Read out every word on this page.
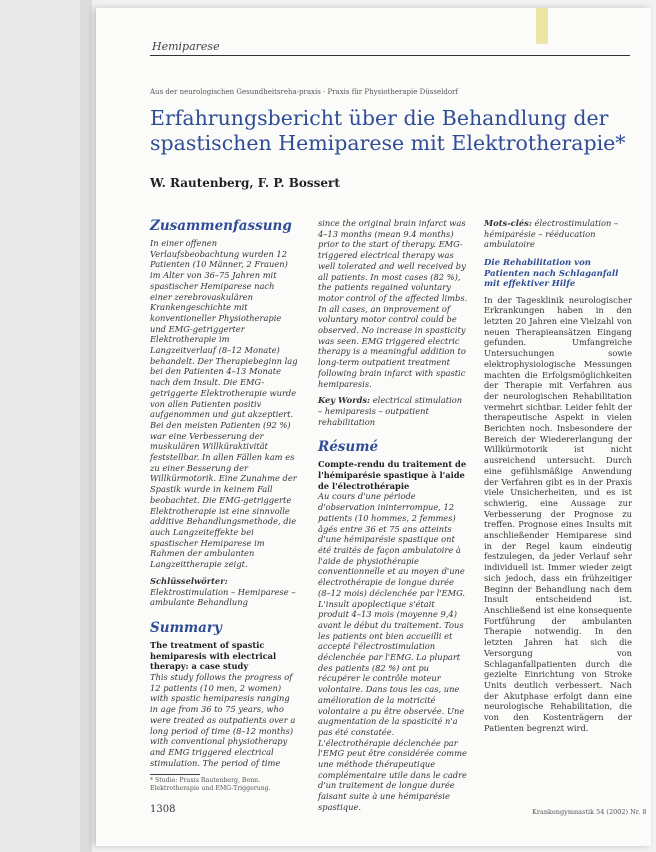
Hemiparese
Aus der neurologischen Gesundheitsreha-praxis · Praxis für Physiotherapie Düsseldorf
Erfahrungsbericht über die Behandlung der spastischen Hemiparese mit Elektrotherapie*
W. Rautenberg, F. P. Bossert
Zusammenfassung

In einer offenen Verlaufsbeobachtung wurden 12 Patienten (10 Männer, 2 Frauen) im Alter von 36–75 Jahren mit spastischer Hemiparese nach einer zerebrovaskulären Krankengeschichte mit konventioneller Physiotherapie und EMG-getriggerter Elektrotherapie im Langzeitverlauf (8–12 Monate) behandelt. Der Therapiebeginn lag bei den Patienten 4–13 Monate nach dem Insult. Die EMG-getriggerte Elektrotherapie wurde von allen Patienten positiv aufgenommen und gut akzeptiert. Bei den meisten Patienten (92 %) war eine Verbesserung der muskulären Willküraktivität feststellbar. In allen Fällen kam es zu einer Besserung der Willkürmotorik. Eine Zunahme der Spastik wurde in keinem Fall beobachtet. Die EMG-getriggerte Elektrotherapie ist eine sinnvolle additive Behandlungsmethode, die auch Langzeiteffekte bei spastischer Hemiparese im Rahmen der ambulanten Langzeittherapie zeigt.

Schlüsselwörter: Elektrostimulation – Hemiparese – ambulante Behandlung

Summary

The treatment of spastic hemiparesis with electrical therapy: a case study

This study follows the progress of 12 patients (10 men, 2 women) with spastic hemiparesis ranging in age from 36 to 75 years, who were treated as outpatients over a long period of time (8–12 months) with conventional physiotherapy and EMG triggered electrical stimulation. The period of time

* Studie: Praxis Rautenberg, Bonn. Elektrotherapie und EMG-Triggerung.

since the original brain infarct was 4–13 months (mean 9.4 months) prior to the start of therapy. EMG-triggered electrical therapy was well tolerated and well received by all patients. In most cases (82 %), the patients regained voluntary motor control of the affected limbs. In all cases, an improvement of voluntary motor control could be observed. No increase in spasticity was seen. EMG triggered electric therapy is a meaningful addition to long-term outpatient treatment following brain infarct with spastic hemiparesis.

Key Words: electrical stimulation – hemiparesis – outpatient rehabilitation

Résumé

Compte-rendu du traitement de l'hémiparésie spastique à l'aide de l'électrothérapie

Au cours d'une période d'observation ininterrompue, 12 patients (10 hommes, 2 femmes) âgés entre 36 et 75 ans atteints d'une hémiparésie spastique ont été traités de façon ambulatoire à l'aide de physiothérapie conventionnelle et au moyen d'une électrothérapie de longue durée (8–12 mois) déclenchée par l'EMG. L'insult apoplectique s'était produit 4–13 mois (moyenne 9,4) avant le début du traitement. Tous les patients ont bien accueilli et accepté l'électrostimulation déclenchée par l'EMG. La plupart des patients (82 %) ont pu récupérer le contrôle moteur volontaire. Dans tous les cas, une amélioration de la motricité volontaire a pu être observée. Une augmentation de la spasticité n'a pas été constatée. L'électrothérapie déclenchée par l'EMG peut être considérée comme une méthode thérapeutique complémentaire utile dans le cadre d'un traitement de longue durée faisant suite à une hémiparésie spastique.

Mots-clés: électrostimulation – hémiparésie – rééducation ambulatoire

Die Rehabilitation von Patienten nach Schlaganfall mit effektiver Hilfe

In der Tagesklinik neurologischer Erkrankungen haben in den letzten 20 Jahren eine Vielzahl von neuen Therapieansätzen Eingang gefunden. Umfangreiche Untersuchungen sowie elektrophysiologische Messungen machten die Erfolgsmöglichkeiten der Therapie mit Verfahren aus der neurologischen Rehabilitation vermehrt sichtbar. Leider fehlt der therapeutische Aspekt in vielen Berichten noch. Insbesondere der Bereich der Wiedererlangung der Willkürmotorik ist nicht ausreichend untersucht. Durch eine gefühlsmäßige Anwendung der Verfahren gibt es in der Praxis viele Unsicherheiten, und es ist schwierig, eine Aussage zur Verbesserung der Prognose zu treffen. Prognose eines Insults mit anschließender Hemiparese sind in der Regel kaum eindeutig festzulegen, da jeder Verlauf sehr individuell ist. Immer wieder zeigt sich jedoch, dass ein frühzeitiger Beginn der Behandlung nach dem Insult entscheidend ist. Anschließend ist eine konsequente Fortführung der ambulanten Therapie notwendig. In den letzten Jahren hat sich die Versorgung von Schlaganfallpatienten durch die gezielte Einrichtung von Stroke Units deutlich verbessert. Nach der Akutphase erfolgt dann eine neurologische Rehabilitation, die von den Kostenträgern der Patienten begrenzt wird.

1308	Krankengymnastik 54 (2002) Nr. 8
